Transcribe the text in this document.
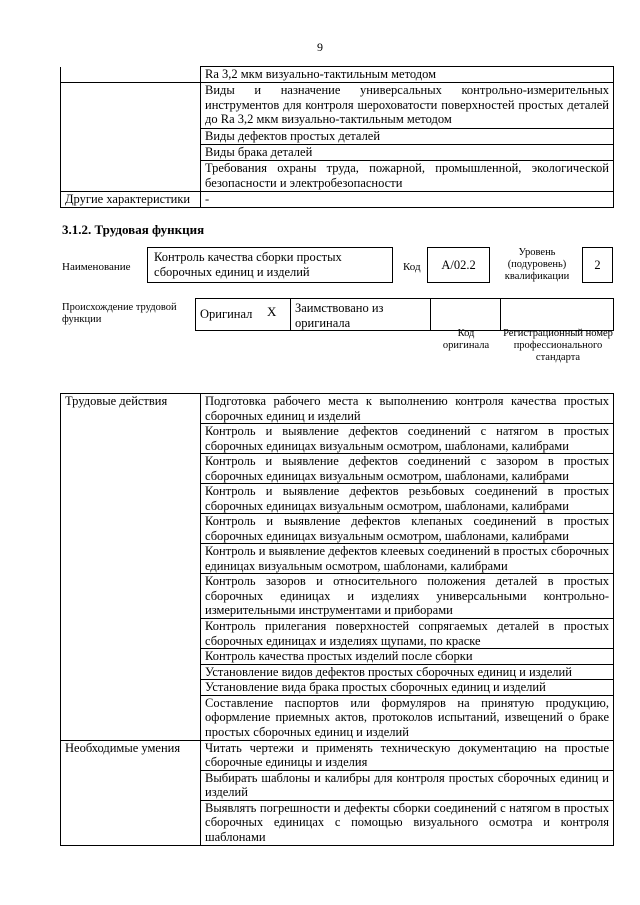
9
	Ra 3,2 мкм визуально-тактильным методом
	Виды и назначение универсальных контрольно-измерительных инструментов для контроля шероховатости поверхностей простых деталей до Ra 3,2 мкм визуально-тактильным методом
	Виды дефектов простых деталей
	Виды брака деталей
	Требования охраны труда, пожарной, промышленной, экологической безопасности и электробезопасности
Другие характеристики	-
3.1.2. Трудовая функция
Наименование
Контроль качества сборки простых сборочных единиц и изделий	Код	А/02.2
Уровень (подуровень) квалификации
2
Происхождение трудовой функции	Оригинал	X	Заимствовано из оригинала		
Код оригинала
Регистрационный номер профессионального стандарта
Трудовые действия	Подготовка рабочего места к выполнению контроля качества простых сборочных единиц и изделий
	Контроль и выявление дефектов соединений с натягом в простых сборочных единицах визуальным осмотром, шаблонами, калибрами
	Контроль и выявление дефектов соединений с зазором в простых сборочных единицах визуальным осмотром, шаблонами, калибрами
	Контроль и выявление дефектов резьбовых соединений в простых сборочных единицах визуальным осмотром, шаблонами, калибрами
	Контроль и выявление дефектов клепаных соединений в простых сборочных единицах визуальным осмотром, шаблонами, калибрами
	Контроль и выявление дефектов клеевых соединений в простых сборочных единицах визуальным осмотром, шаблонами, калибрами
	Контроль зазоров и относительного положения деталей в простых сборочных единицах и изделиях универсальными контрольно-измерительными инструментами и приборами
	Контроль прилегания поверхностей сопрягаемых деталей в простых сборочных единицах и изделиях щупами, по краске
	Контроль качества простых изделий после сборки
	Установление видов дефектов простых сборочных единиц и изделий
	Установление вида брака простых сборочных единиц и изделий
	Составление паспортов или формуляров на принятую продукцию, оформление приемных актов, протоколов испытаний, извещений о браке простых сборочных единиц и изделий
Необходимые умения	Читать чертежи и применять техническую документацию на простые сборочные единицы и изделия
	Выбирать шаблоны и калибры для контроля простых сборочных единиц и изделий
	Выявлять погрешности и дефекты сборки соединений с натягом в простых сборочных единицах с помощью визуального осмотра и контроля шаблонами
